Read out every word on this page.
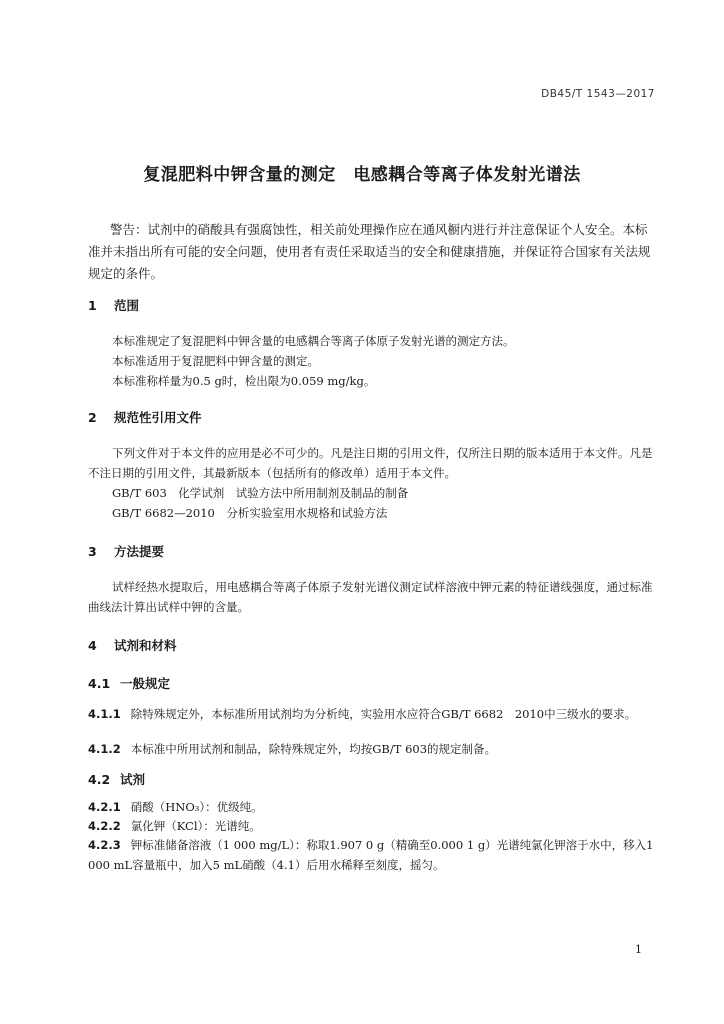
DB45/T 1543—2017
复混肥料中钾含量的测定　电感耦合等离子体发射光谱法

警告：试剂中的硝酸具有强腐蚀性，相关前处理操作应在通风橱内进行并注意保证个人安全。本标准并未指出所有可能的安全问题，使用者有责任采取适当的安全和健康措施，并保证符合国家有关法规规定的条件。

1 范围

本标准规定了复混肥料中钾含量的电感耦合等离子体原子发射光谱的测定方法。

本标准适用于复混肥料中钾含量的测定。

本标准称样量为0.5 g时，检出限为0.059 mg/kg。

2 规范性引用文件

下列文件对于本文件的应用是必不可少的。凡是注日期的引用文件，仅所注日期的版本适用于本文件。凡是不注日期的引用文件，其最新版本（包括所有的修改单）适用于本文件。

GB/T 603　化学试剂　试验方法中所用制剂及制品的制备

GB/T 6682—2010　分析实验室用水规格和试验方法

3 方法提要

试样经热水提取后，用电感耦合等离子体原子发射光谱仪测定试样溶液中钾元素的特征谱线强度，通过标准曲线法计算出试样中钾的含量。

4 试剂和材料
4.1 一般规定

4.1.1 除特殊规定外，本标准所用试剂均为分析纯，实验用水应符合GB/T 6682　2010中三级水的要求。

4.1.2 本标准中所用试剂和制品，除特殊规定外，均按GB/T 603的规定制备。

4.2 试剂

4.2.1 硝酸（HNO₃）：优级纯。

4.2.2 氯化钾（KCl）：光谱纯。

4.2.3 钾标准储备溶液（1 000 mg/L）：称取1.907 0 g（精确至0.000 1 g）光谱纯氯化钾溶于水中，移入1 000 mL容量瓶中，加入5 mL硝酸（4.1）后用水稀释至刻度，摇匀。

1
